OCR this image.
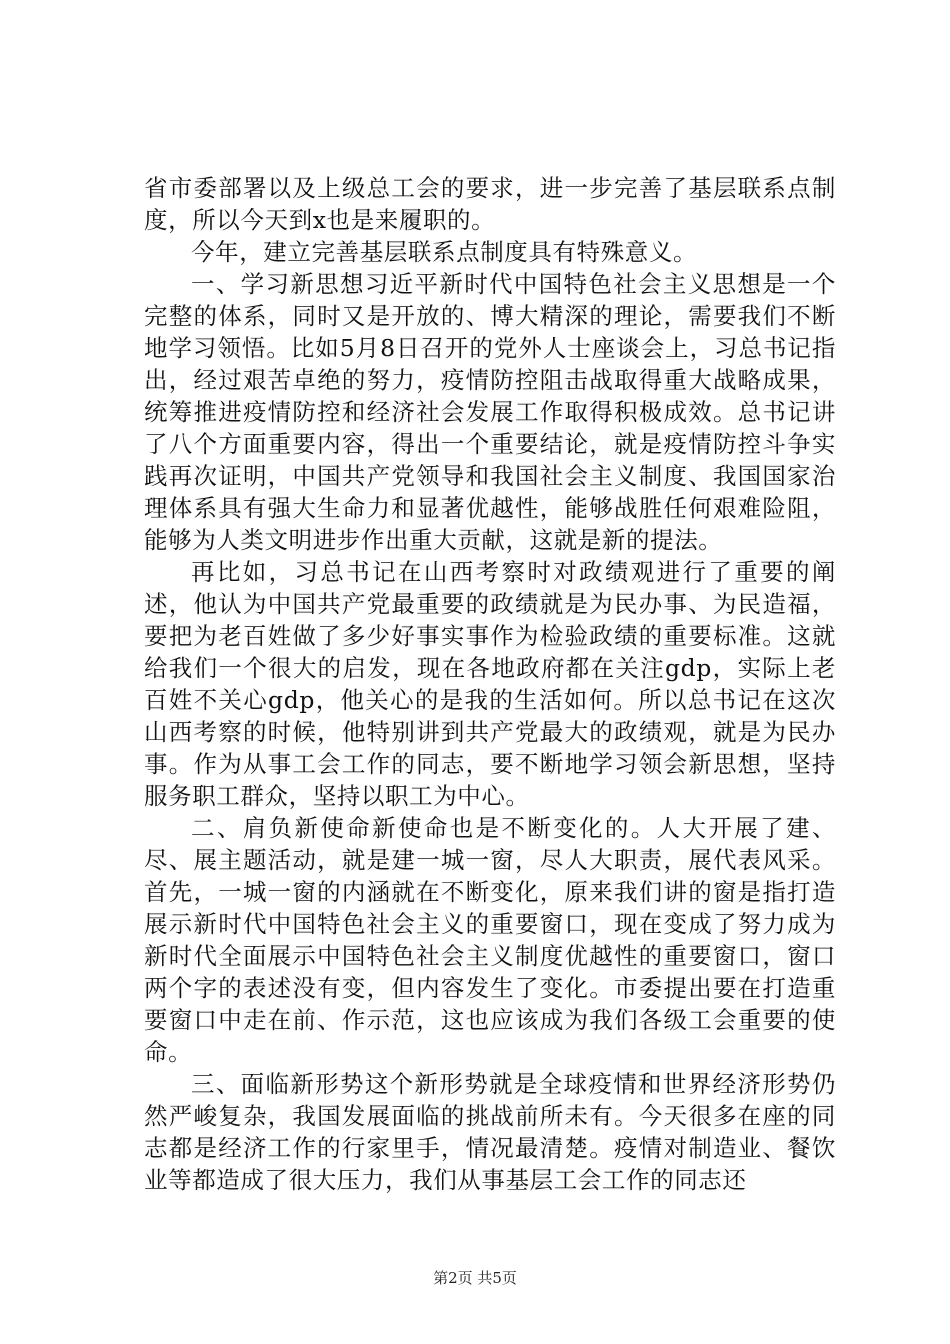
省市委部署以及上级总工会的要求，进一步完善了基层联系点制度，所以今天到x也是来履职的。

今年，建立完善基层联系点制度具有特殊意义。

一、学习新思想习近平新时代中国特色社会主义思想是一个完整的体系，同时又是开放的、博大精深的理论，需要我们不断地学习领悟。比如5月8日召开的党外人士座谈会上，习总书记指出，经过艰苦卓绝的努力，疫情防控阻击战取得重大战略成果，统筹推进疫情防控和经济社会发展工作取得积极成效。总书记讲了八个方面重要内容，得出一个重要结论，就是疫情防控斗争实践再次证明，中国共产党领导和我国社会主义制度、我国国家治理体系具有强大生命力和显著优越性，能够战胜任何艰难险阻，能够为人类文明进步作出重大贡献，这就是新的提法。

再比如，习总书记在山西考察时对政绩观进行了重要的阐述，他认为中国共产党最重要的政绩就是为民办事、为民造福，要把为老百姓做了多少好事实事作为检验政绩的重要标准。这就给我们一个很大的启发，现在各地政府都在关注gdp，实际上老百姓不关心gdp，他关心的是我的生活如何。所以总书记在这次山西考察的时候，他特别讲到共产党最大的政绩观，就是为民办事。作为从事工会工作的同志，要不断地学习领会新思想，坚持服务职工群众，坚持以职工为中心。

二、肩负新使命新使命也是不断变化的。人大开展了建、尽、展主题活动，就是建一城一窗，尽人大职责，展代表风采。首先，一城一窗的内涵就在不断变化，原来我们讲的窗是指打造展示新时代中国特色社会主义的重要窗口，现在变成了努力成为新时代全面展示中国特色社会主义制度优越性的重要窗口，窗口两个字的表述没有变，但内容发生了变化。市委提出要在打造重要窗口中走在前、作示范，这也应该成为我们各级工会重要的使命。

三、面临新形势这个新形势就是全球疫情和世界经济形势仍然严峻复杂，我国发展面临的挑战前所未有。今天很多在座的同志都是经济工作的行家里手，情况最清楚。疫情对制造业、餐饮业等都造成了很大压力，我们从事基层工会工作的同志还

第2页 共5页
